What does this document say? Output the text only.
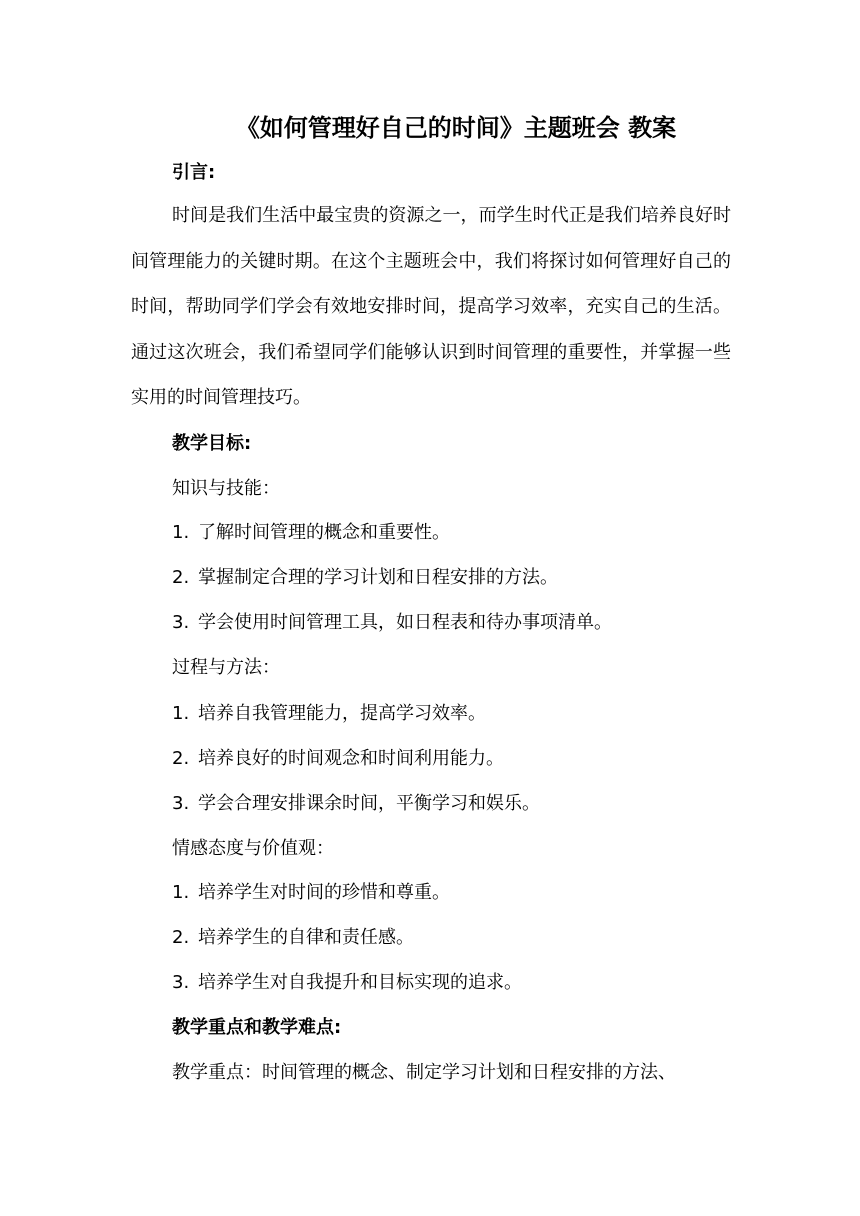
《如何管理好自己的时间》主题班会 教案
引言:
时间是我们生活中最宝贵的资源之一，而学生时代正是我们培养良好时间管理能力的关键时期。在这个主题班会中，我们将探讨如何管理好自己的时间，帮助同学们学会有效地安排时间，提高学习效率，充实自己的生活。通过这次班会，我们希望同学们能够认识到时间管理的重要性，并掌握一些实用的时间管理技巧。
教学目标:
知识与技能：
1. 了解时间管理的概念和重要性。
2. 掌握制定合理的学习计划和日程安排的方法。
3. 学会使用时间管理工具，如日程表和待办事项清单。
过程与方法：
1. 培养自我管理能力，提高学习效率。
2. 培养良好的时间观念和时间利用能力。
3. 学会合理安排课余时间，平衡学习和娱乐。
情感态度与价值观：
1. 培养学生对时间的珍惜和尊重。
2. 培养学生的自律和责任感。
3. 培养学生对自我提升和目标实现的追求。
教学重点和教学难点:
教学重点：时间管理的概念、制定学习计划和日程安排的方法、
